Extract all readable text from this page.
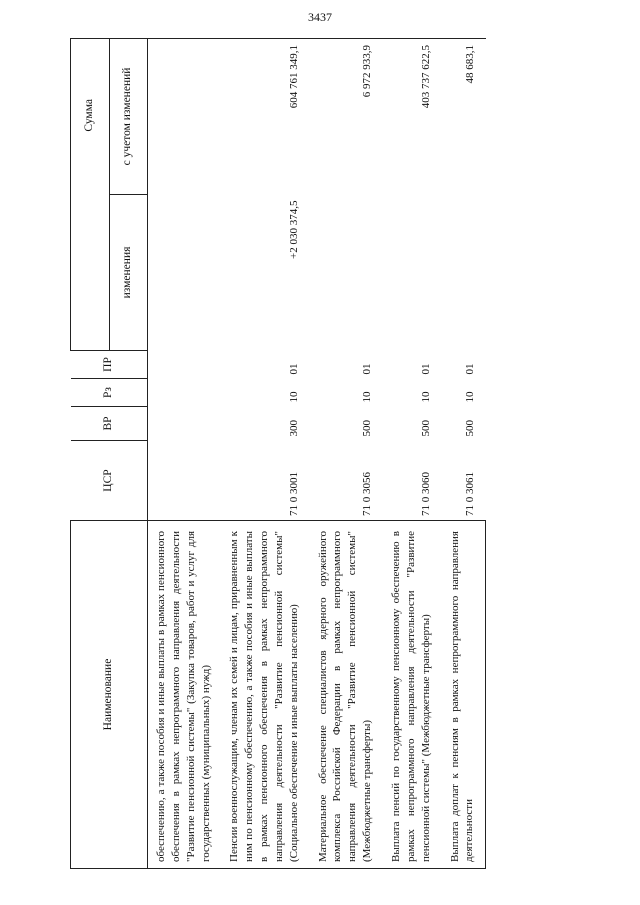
3437
Наименование	ЦСР	ВР	Рз	ПР	Сумма	
					изменения	с учетом изменений
обеспечению, а также пособия и иные выплаты в рамках пенсионного обеспечения в рамках непрограммного направления деятельности "Развитие пенсионной системы" (Закупка товаров, работ и услуг для государственных (муниципальных) нужд)						
Пенсии военнослужащим, членам их семей и лицам, приравненным к ним по пенсионному обеспечению, а также пособия и иные выплаты в рамках пенсионного обеспечения в рамках непрограммного направления деятельности "Развитие пенсионной системы" (Социальное обеспечение и иные выплаты населению)	71 0 3001	300	10	01	+2 030 374,5	604 761 349,1
Материальное обеспечение специалистов ядерного оружейного комплекса Российской Федерации в рамках непрограммного направления деятельности "Развитие пенсионной системы" (Межбюджетные трансферты)	71 0 3056	500	10	01		6 972 933,9
Выплата пенсий по государственному пенсионному обеспечению в рамках непрограммного направления деятельности "Развитие пенсионной системы" (Межбюджетные трансферты)	71 0 3060	500	10	01		403 737 622,5
Выплата доплат к пенсиям в рамках непрограммного направления деятельности	71 0 3061	500	10	01		48 683,1
